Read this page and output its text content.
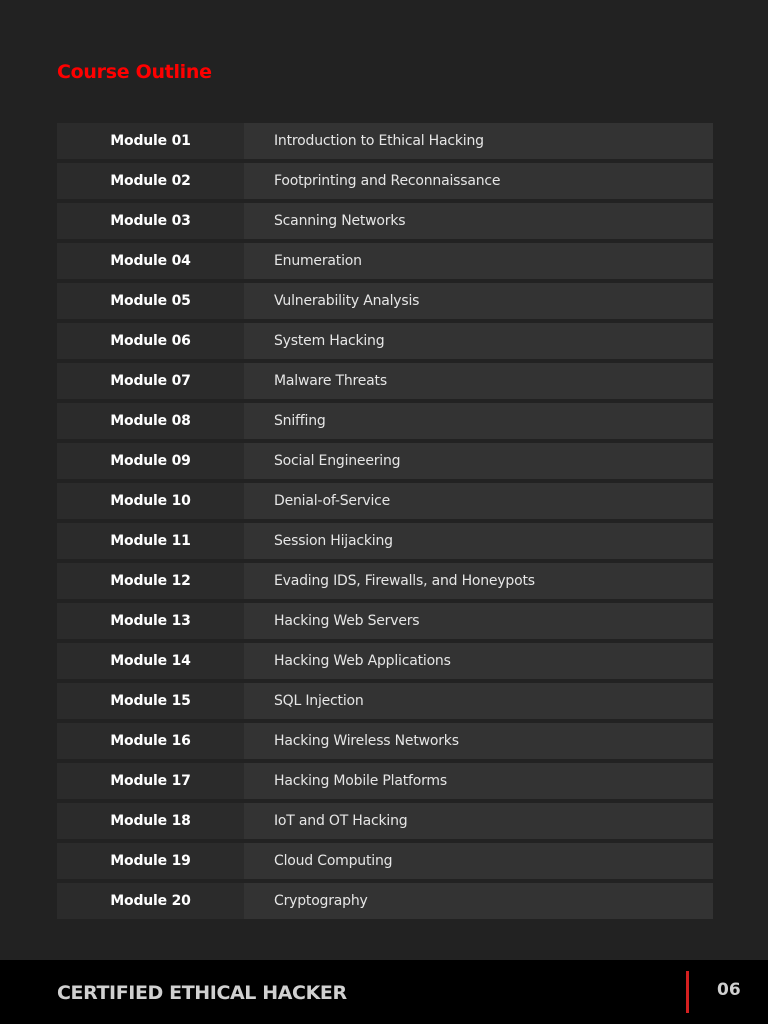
Course Outline
Module 01	Introduction to Ethical Hacking
Module 02	Footprinting and Reconnaissance
Module 03	Scanning Networks
Module 04	Enumeration
Module 05	Vulnerability Analysis
Module 06	System Hacking
Module 07	Malware Threats
Module 08	Sniffing
Module 09	Social Engineering
Module 10	Denial-of-Service
Module 11	Session Hijacking
Module 12	Evading IDS, Firewalls, and Honeypots
Module 13	Hacking Web Servers
Module 14	Hacking Web Applications
Module 15	SQL Injection
Module 16	Hacking Wireless Networks
Module 17	Hacking Mobile Platforms
Module 18	IoT and OT Hacking
Module 19	Cloud Computing
Module 20	Cryptography
CERTIFIED ETHICAL HACKER	06
